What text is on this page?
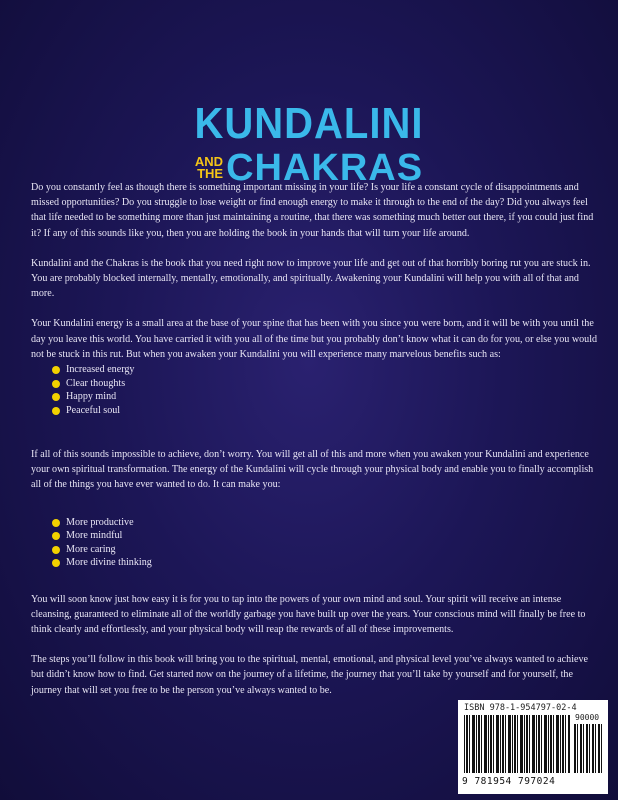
KUNDALINI
AND
THE CHAKRAS

Do you constantly feel as though there is something important missing in your life? Is your life a constant cycle of disappointments and missed opportunities? Do you struggle to lose weight or find enough energy to make it through to the end of the day? Did you always feel that life needed to be something more than just maintaining a routine, that there was something much better out there, if you could just find it? If any of this sounds like you, then you are holding the book in your hands that will turn your life around.

Kundalini and the Chakras is the book that you need right now to improve your life and get out of that horribly boring rut you are stuck in. You are probably blocked internally, mentally, emotionally, and spiritually. Awakening your Kundalini will help you with all of that and more.

Your Kundalini energy is a small area at the base of your spine that has been with you since you were born, and it will be with you until the day you leave this world. You have carried it with you all of the time but you probably don’t know what it can do for you, or else you would not be stuck in this rut. But when you awaken your Kundalini you will experience many marvelous benefits such as:

Increased energy
Clear thoughts
Happy mind
Peaceful soul

If all of this sounds impossible to achieve, don’t worry. You will get all of this and more when you awaken your Kundalini and experience your own spiritual transformation. The energy of the Kundalini will cycle through your physical body and enable you to finally accomplish all of the things you have ever wanted to do. It can make you:

More productive
More mindful
More caring
More divine thinking

You will soon know just how easy it is for you to tap into the powers of your own mind and soul. Your spirit will receive an intense cleansing, guaranteed to eliminate all of the worldly garbage you have built up over the years. Your conscious mind will finally be free to think clearly and effortlessly, and your physical body will reap the rewards of all of these improvements.

The steps you’ll follow in this book will bring you to the spiritual, mental, emotional, and physical level you’ve always wanted to achieve but didn’t know how to find. Get started now on the journey of a lifetime, the journey that you’ll take by yourself and for yourself, the journey that will set you free to be the person you’ve always wanted to be.

ISBN 978-1-954797-02-4
90000
9 781954 797024
